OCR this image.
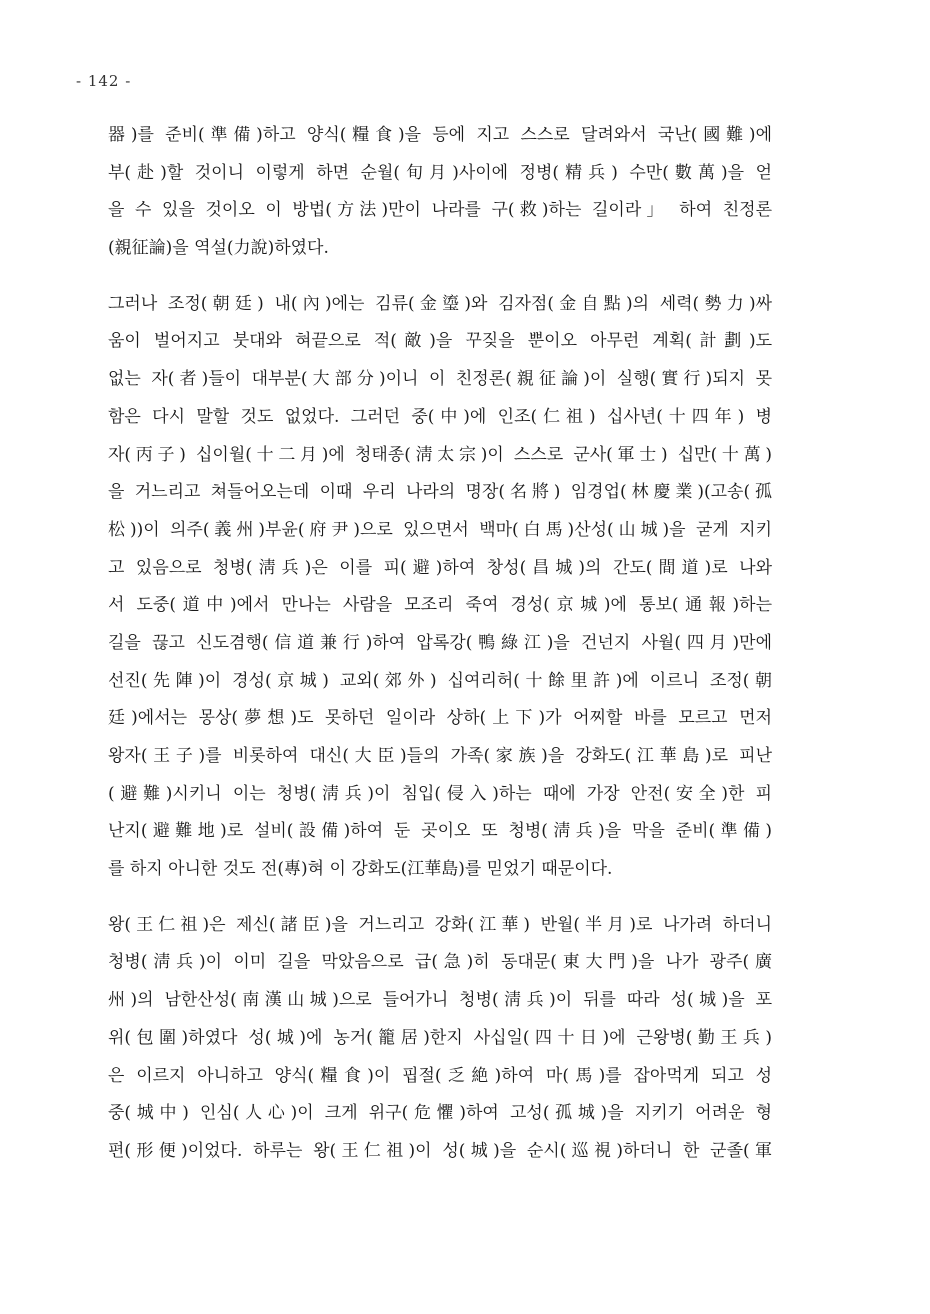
- 142 -
器)를 준비(準備)하고 양식(糧食)을 등에 지고 스스로 달려와서 국난(國難)에
부(赴)할 것이니 이렇게 하면 순월(旬月)사이에 정병(精兵) 수만(數萬)을 얻
을 수 있을 것이오 이 방법(方法)만이 나라를 구(救)하는 길이라」 하여 친정론
(親征論)을 역설(力說)하였다.
그러나 조정(朝廷) 내(內)에는 김류(金瑬)와 김자점(金自點)의 세력(勢力)싸
움이 벌어지고 붓대와 혀끝으로 적(敵)을 꾸짖을 뿐이오 아무런 계획(計劃)도
없는 자(者)들이 대부분(大部分)이니 이 친정론(親征論)이 실행(實行)되지 못
함은 다시 말할 것도 없었다. 그러던 중(中)에 인조(仁祖) 십사년(十四年) 병
자(丙子) 십이월(十二月)에 청태종(淸太宗)이 스스로 군사(軍士) 십만(十萬)
을 거느리고 쳐들어오는데 이때 우리 나라의 명장(名將) 임경업(林慶業)(고송(孤
松))이 의주(義州)부윤(府尹)으로 있으면서 백마(白馬)산성(山城)을 굳게 지키
고 있음으로 청병(淸兵)은 이를 피(避)하여 창성(昌城)의 간도(間道)로 나와
서 도중(道中)에서 만나는 사람을 모조리 죽여 경성(京城)에 통보(通報)하는
길을 끊고 신도겸행(信道兼行)하여 압록강(鴨綠江)을 건넌지 사월(四月)만에
선진(先陣)이 경성(京城) 교외(郊外) 십여리허(十餘里許)에 이르니 조정(朝
廷)에서는 몽상(夢想)도 못하던 일이라 상하(上下)가 어찌할 바를 모르고 먼저
왕자(王子)를 비롯하여 대신(大臣)들의 가족(家族)을 강화도(江華島)로 피난
(避難)시키니 이는 청병(淸兵)이 침입(侵入)하는 때에 가장 안전(安全)한 피
난지(避難地)로 설비(設備)하여 둔 곳이오 또 청병(淸兵)을 막을 준비(準備)
를 하지 아니한 것도 전(專)혀 이 강화도(江華島)를 믿었기 때문이다.
왕(王仁祖)은 제신(諸臣)을 거느리고 강화(江華) 반월(半月)로 나가려 하더니
청병(淸兵)이 이미 길을 막았음으로 급(急)히 동대문(東大門)을 나가 광주(廣
州)의 남한산성(南漢山城)으로 들어가니 청병(淸兵)이 뒤를 따라 성(城)을 포
위(包圍)하였다 성(城)에 농거(籠居)한지 사십일(四十日)에 근왕병(勤王兵)
은 이르지 아니하고 양식(糧食)이 핍절(乏絶)하여 마(馬)를 잡아먹게 되고 성
중(城中) 인심(人心)이 크게 위구(危懼)하여 고성(孤城)을 지키기 어려운 형
편(形便)이었다. 하루는 왕(王仁祖)이 성(城)을 순시(巡視)하더니 한 군졸(軍
